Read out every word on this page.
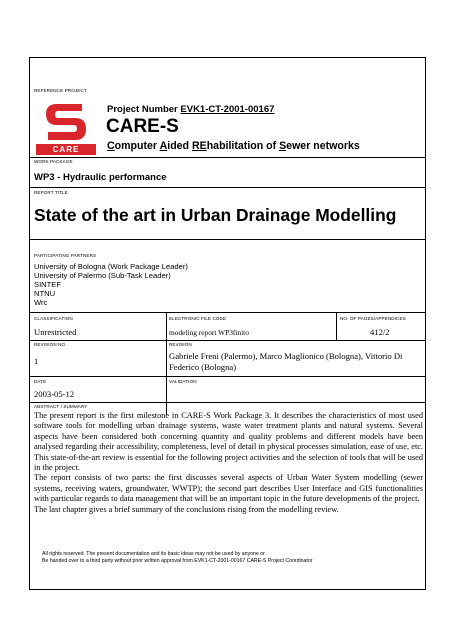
REFERENCE PROJECT
CARE
Project Number EVK1-CT-2001-00167
CARE-S
Computer Aided REhabilitation of Sewer networks
WORK PACKAGE
WP3 - Hydraulic performance
REPORT TITLE
State of the art in Urban Drainage Modelling
PARTICIPATING PARTNERS
University of Bologna (Work Package Leader)
University of Palermo (Sub-Task Leader)
SINTEF
NTNU
Wrc
CLASSIFICATION
Unrestricted
ELECTRONIC FILE CODE
modeling report WP3finito
NO. OF PAGES/APPENDICES
412/2
REVISION NO.
1
REVISION
Gabriele Freni (Palermo), Marco Maglionico (Bologna), Vittorio Di Federico (Bologna)
DATE
2003-05-12
VALIDATION
ABSTRACT / SUMMARY
The present report is the first milestone in CARE-S Work Package 3. It describes the characteristics of most used software tools for modelling urban drainage systems, waste water treatment plants and natural systems. Several aspects have been considered both concerning quantity and quality problems and different models have been analysed regarding their accessibility, completeness, level of detail in physical processes simulation, ease of use, etc. This state-of-the-art review is essential for the following project activities and the selection of tools that will be used in the project.
The report consists of two parts: the first discusses several aspects of Urban Water System modelling (sewer systems, receiving waters, groundwater, WWTP); the second part describes User Interface and GIS functionalities with particular regards to data management that will be an important topic in the future developments of the project.
The last chapter gives a brief summary of the conclusions rising from the modelling review.
All rights reserved. The present documentation and its basic ideas may not be used by anyone or
Be handed over to a third party without prior written approval from EVK1-CT-2001-00167 CARE-S Project Coordinator
